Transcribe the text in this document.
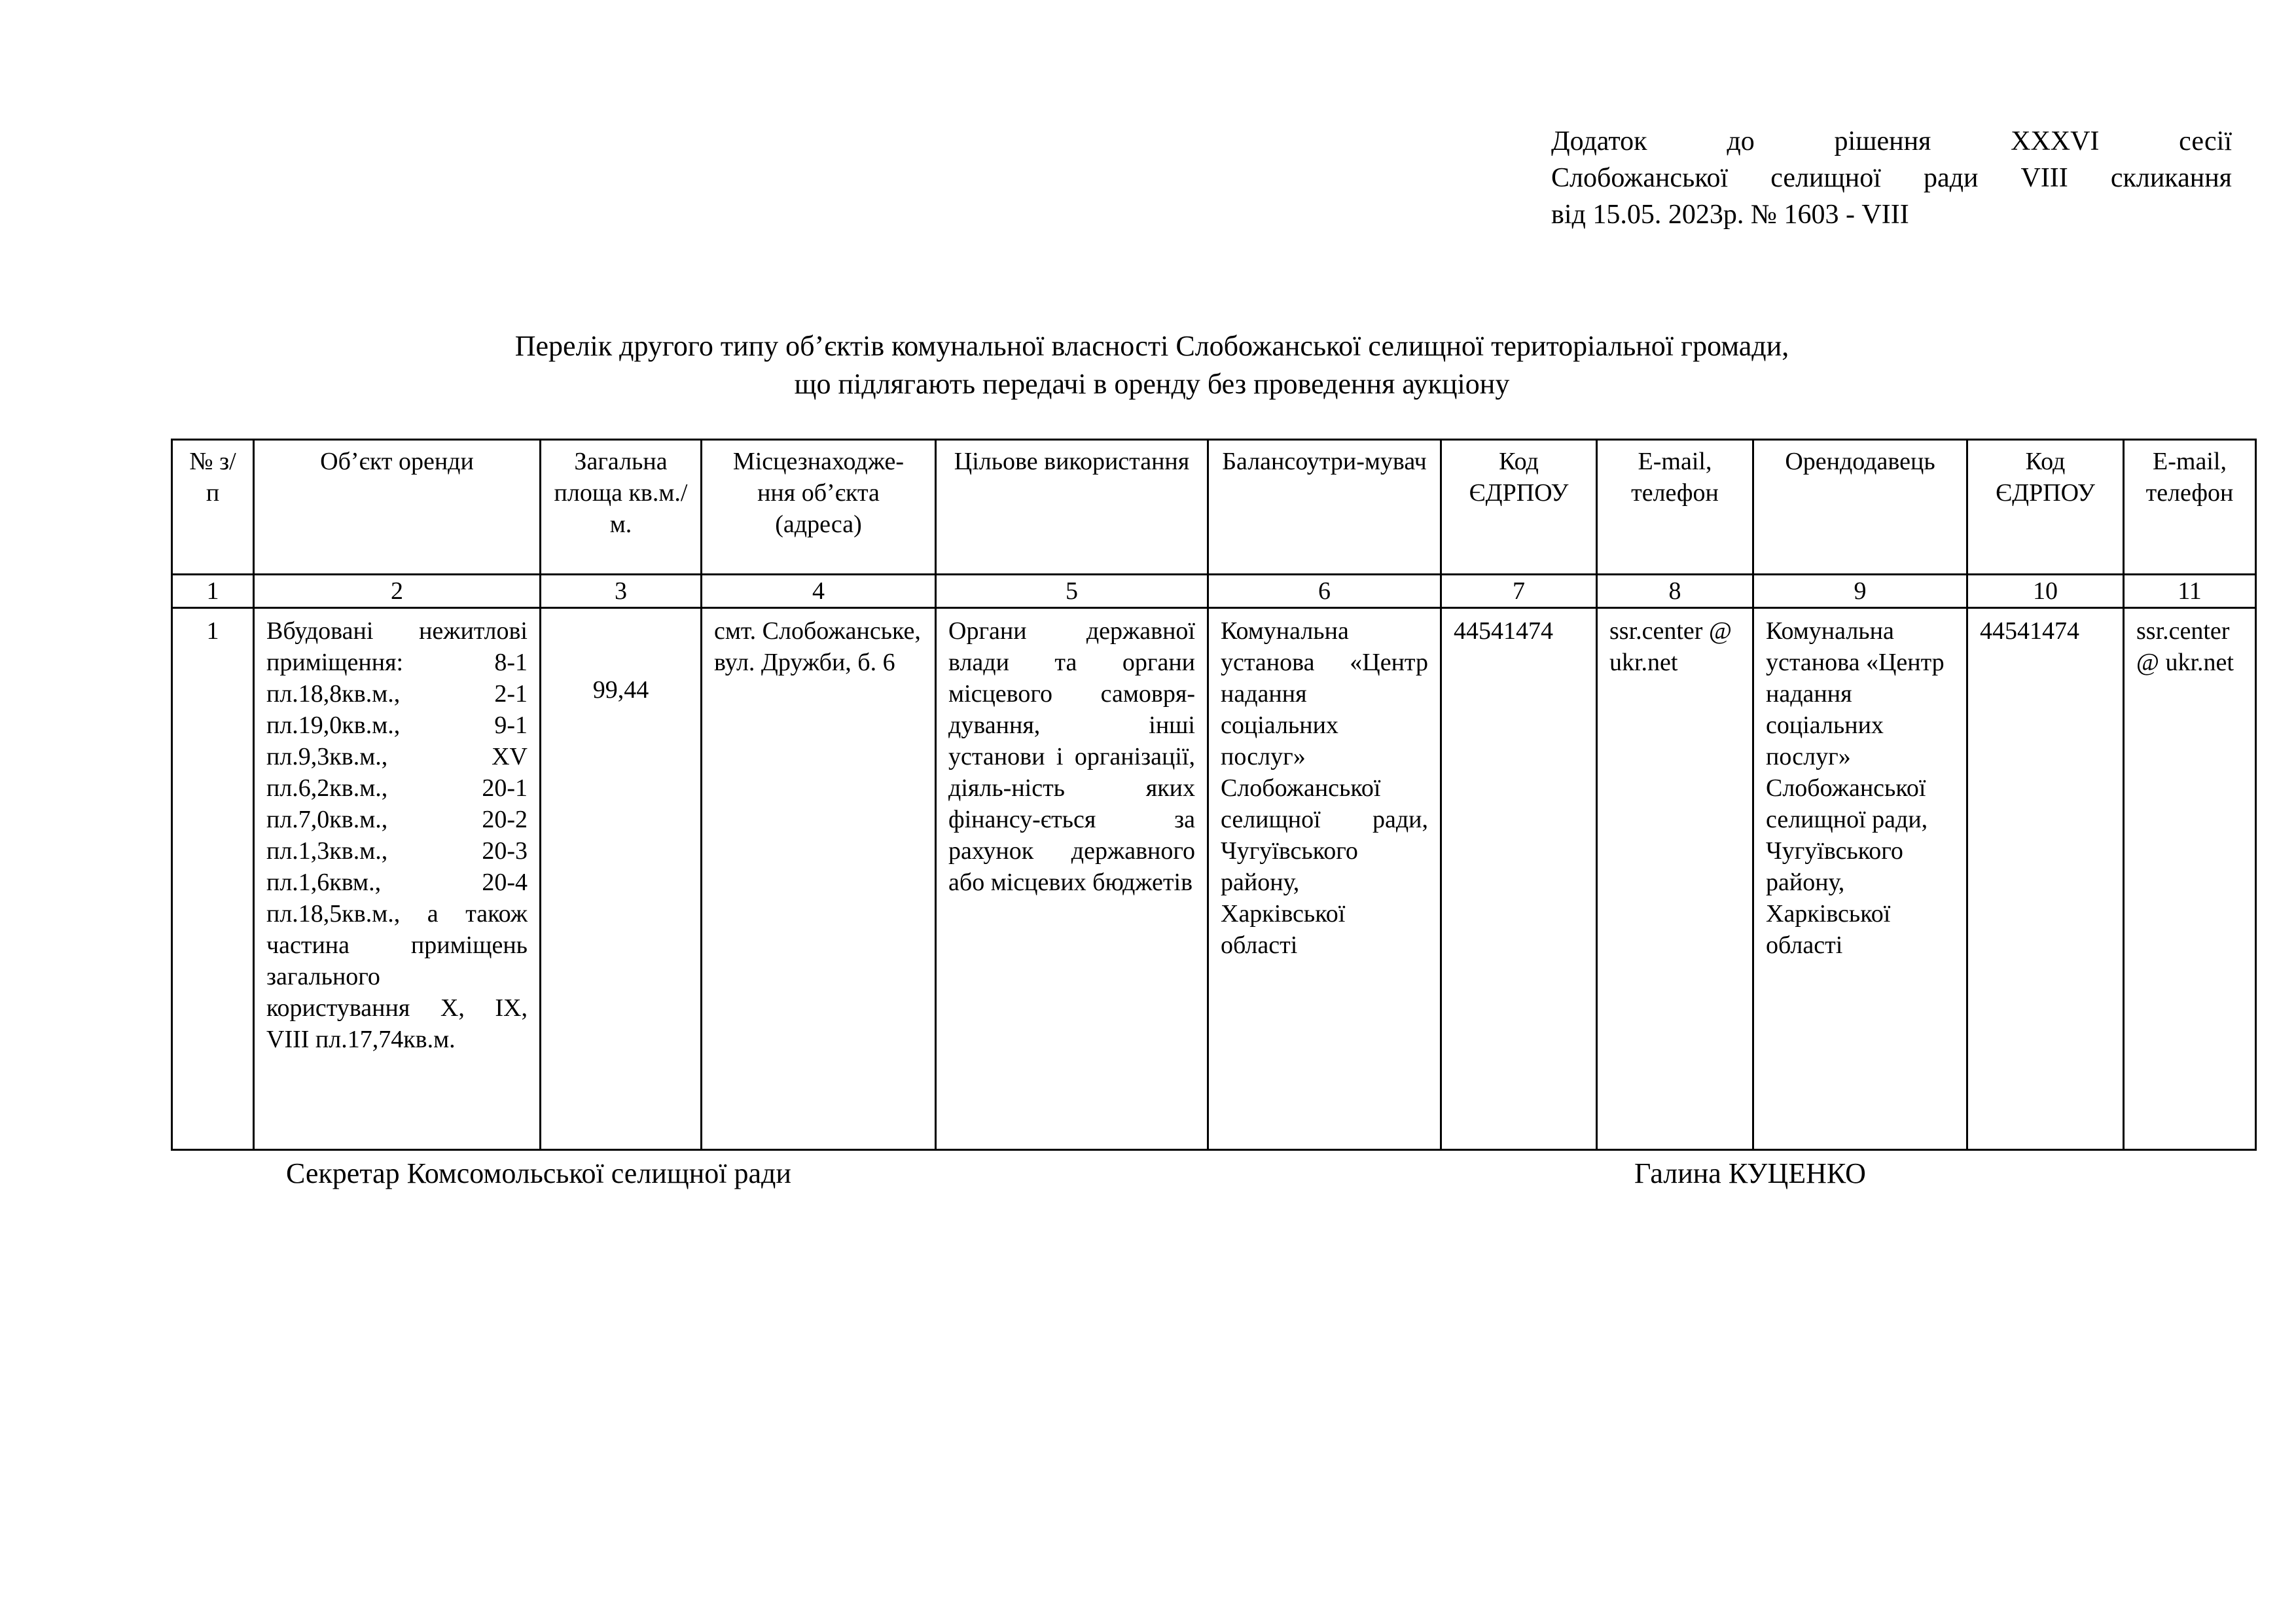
Додаток до рішення XXXVI сесії
Слобожанської селищної ради VIII скликання
від 15.05. 2023р. № 1603 - VIII
Перелік другого типу об’єктів комунальної власності Слобожанської селищної територіальної громади,
що підлягають передачі в оренду без проведення аукціону
№ з/п	Об’єкт оренди	Загальна площа кв.м./м.	Місцезнаходже-ння об’єкта (адреса)	Цільове використання	Балансоутри-мувач	Код ЄДРПОУ	E-mail, телефон	Орендодавець	Код ЄДРПОУ	E-mail, телефон
1	2	3	4	5	6	7	8	9	10	11
1	Вбудовані нежитлові приміщення: 8-1 пл.18,8кв.м., 2-1 пл.19,0кв.м., 9-1 пл.9,3кв.м., XV пл.6,2кв.м., 20-1 пл.7,0кв.м., 20-2 пл.1,3кв.м., 20-3 пл.1,6квм., 20-4 пл.18,5кв.м., а також частина приміщень загального користування X, IX, VIII пл.17,74кв.м.	99,44	смт. Слобожанське, вул. Дружби, б. 6	Органи державної влади та органи місцевого самовря-дування, інші установи і організації, діяль-ність яких фінансу-ється за рахунок державного або місцевих бюджетів	Комунальна установа «Центр надання соціальних послуг» Слобожанської селищної ради, Чугуївського району, Харківської області	44541474	ssr.center @ ukr.net	Комунальна установа «Центр надання соціальних послуг» Слобожанської селищної ради, Чугуївського району, Харківської області	44541474	ssr.center @ ukr.net
Секретар Комсомольської селищної ради	Галина КУЦЕНКО
